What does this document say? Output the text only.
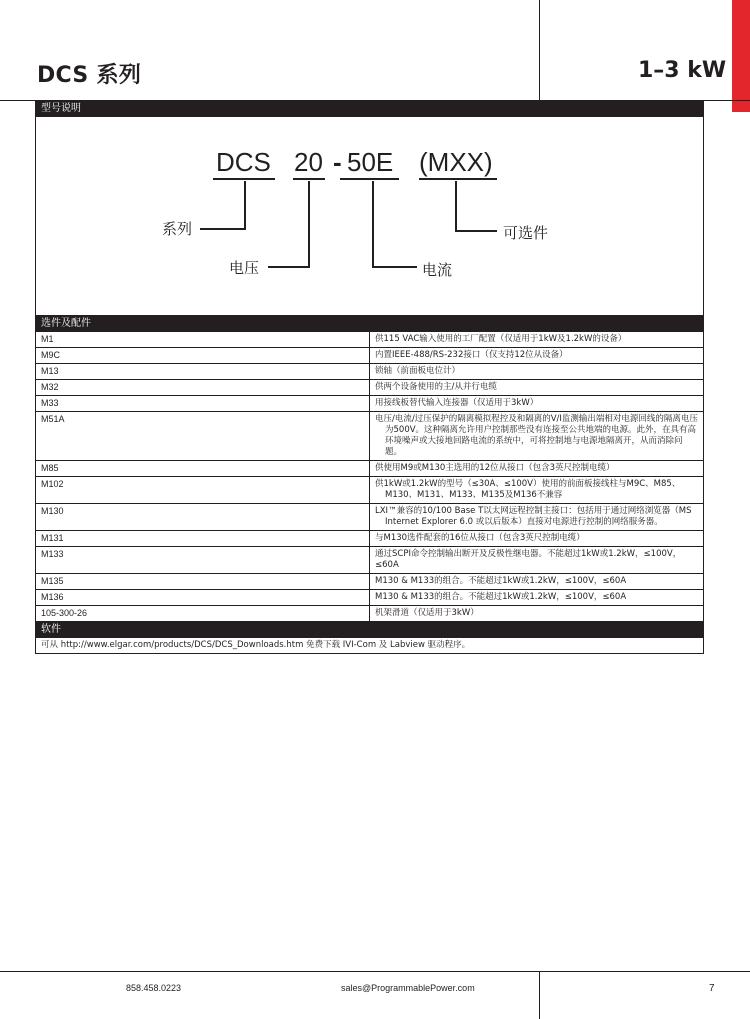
DCS 系列	1–3 kW
型号说明
DCS 20 - 50E (MXX)
系列
电压	电流
可选件
选件及配件	
M1	供115 VAC输入使用的工厂配置（仅适用于1kW及1.2kW的设备）
M9C	内置IEEE-488/RS-232接口（仅支持12位从设备）
M13	锁轴（前面板电位计）
M32	供两个设备使用的主/从并行电缆
M33	用接线板替代输入连接器（仅适用于3kW）
M51A	电压/电流/过压保护的隔离模拟程控及和隔离的V/I监测输出端相对电源回线的隔离电压为500V。这种隔离允许用户控制那些没有连接至公共地端的电源。此外，在具有高环境噪声或大接地回路电流的系统中，可将控制地与电源地隔离开，从而消除问题。
M85	供使用M9或M130主选用的12位从接口（包含3英尺控制电缆）
M102	供1kW或1.2kW的型号（≤30A、≤100V）使用的前面板接线柱与M9C、M85、M130、M131、M133、M135及M136不兼容
M130	LXI™兼容的10/100 Base T以太网远程控制主接口：包括用于通过网络浏览器（MS Internet Explorer 6.0 或以后版本）直接对电源进行控制的网络服务器。
M131	与M130选件配套的16位从接口（包含3英尺控制电缆）
M133	通过SCPI命令控制输出断开及反极性继电器。不能超过1kW或1.2kW，≤100V，≤60A
M135	M130 & M133的组合。不能超过1kW或1.2kW，≤100V，≤60A
M136	M130 & M133的组合。不能超过1kW或1.2kW，≤100V，≤60A
105-300-26	机架滑道（仅适用于3kW）
软件	
可从 http://www.elgar.com/products/DCS/DCS_Downloads.htm 免费下载 IVI-Com 及 Labview 驱动程序。	
858.458.0223	sales@ProgrammablePower.com	7
